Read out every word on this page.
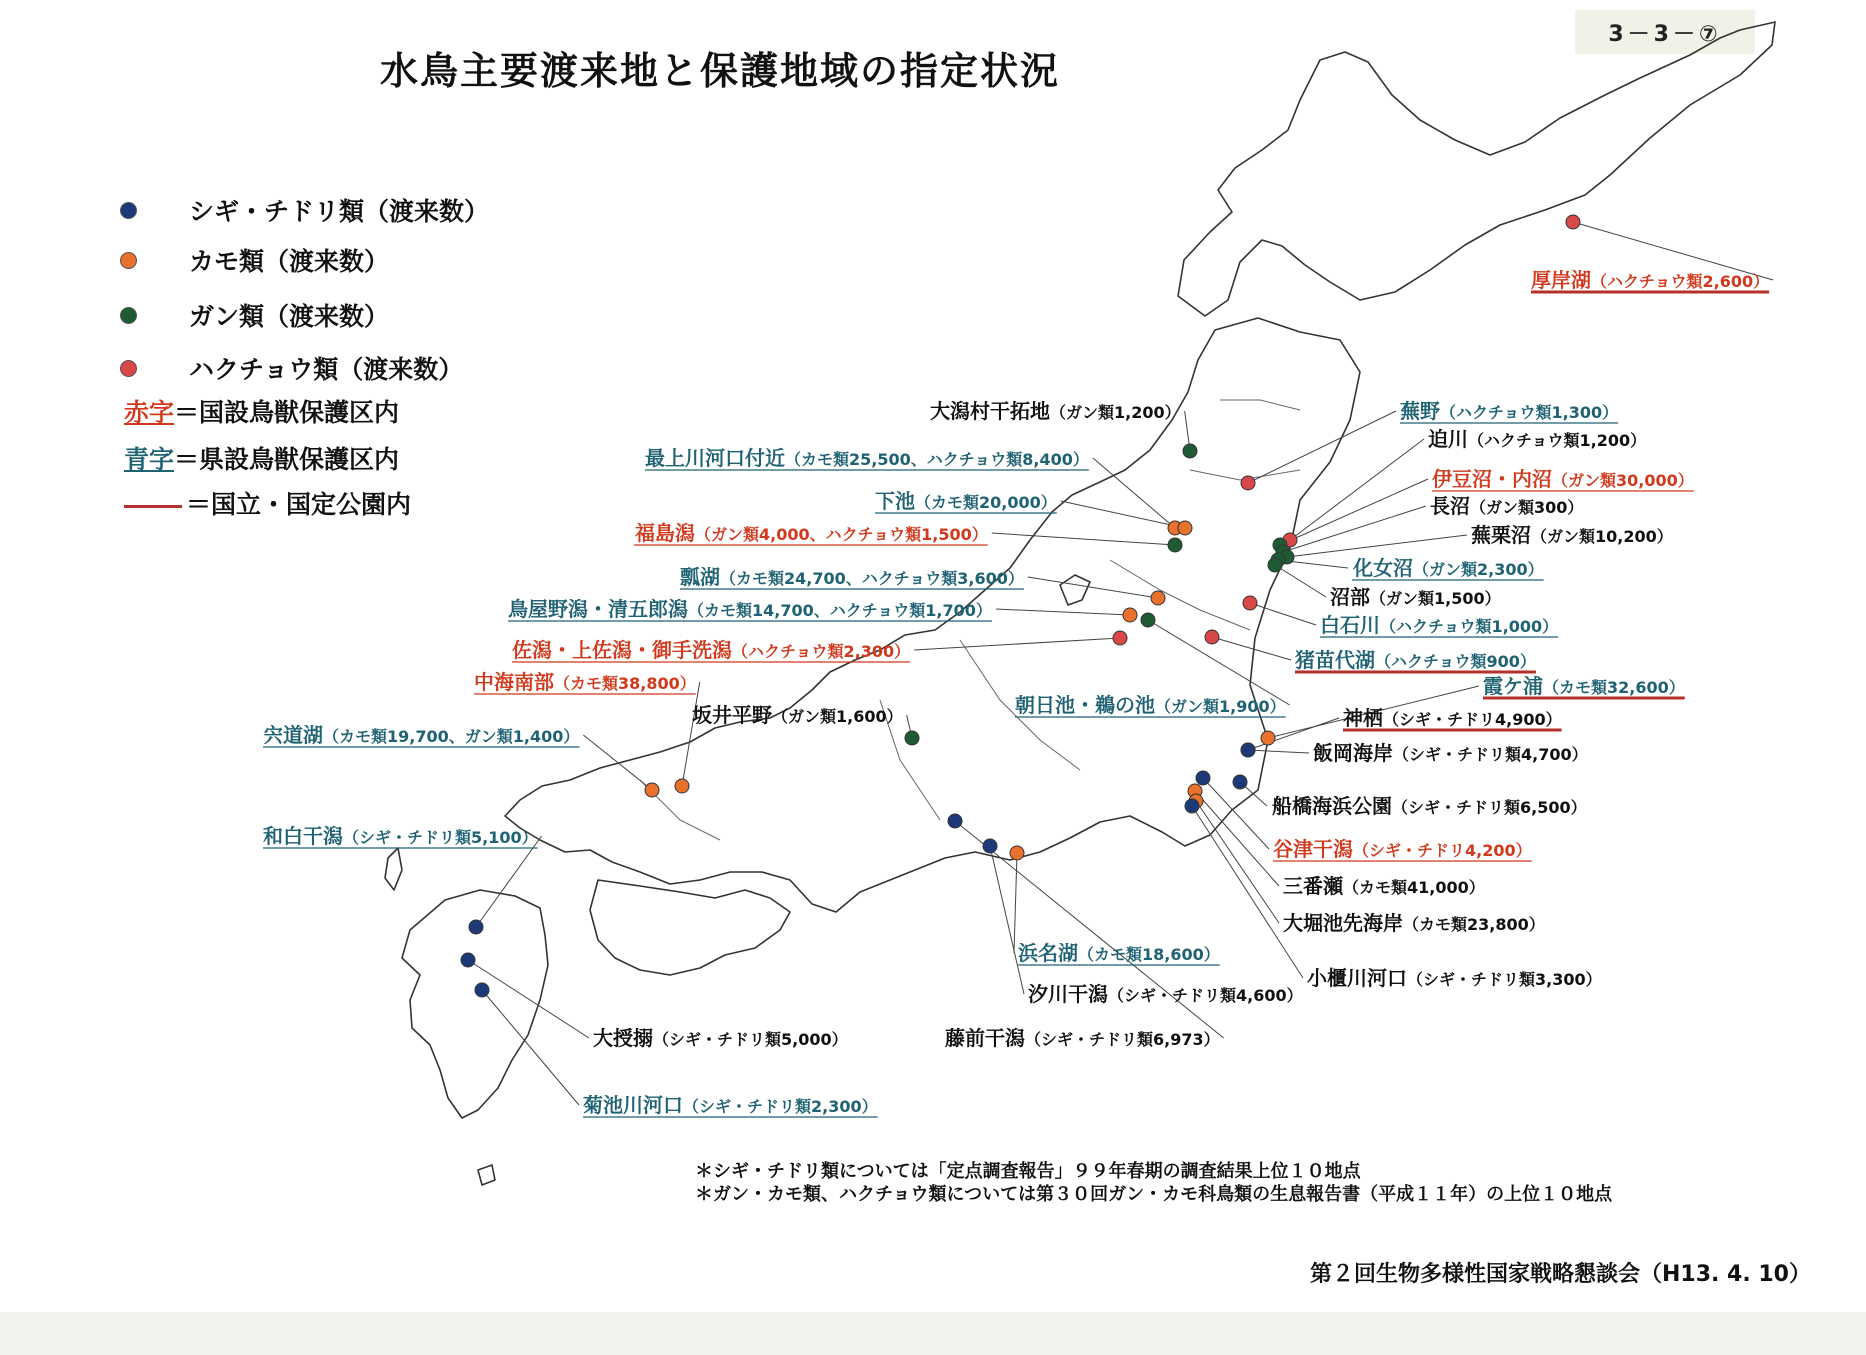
3－3－⑦
水鳥主要渡来地と保護地域の指定状況
シギ・チドリ類（渡来数）
カモ類（渡来数）
ガン類（渡来数）
ハクチョウ類（渡来数）
赤字＝国設鳥獣保護区内
青字＝県設鳥獣保護区内
＝国立・国定公園内
厚岸湖（ハクチョウ類2,600）
大潟村干拓地（ガン類1,200）	蕪野（ハクチョウ類1,300）
迫川（ハクチョウ類1,200）
最上川河口付近（カモ類25,500、ハクチョウ類8,400）
伊豆沼・内沼（ガン類30,000）
下池（カモ類20,000）	長沼（ガン類300）
福島潟（ガン類4,000、ハクチョウ類1,500）	蕪栗沼（ガン類10,200）
化女沼（ガン類2,300）
瓢湖（カモ類24,700、ハクチョウ類3,600）
沼部（ガン類1,500）
鳥屋野潟・清五郎潟（カモ類14,700、ハクチョウ類1,700）
白石川（ハクチョウ類1,000）
佐潟・上佐潟・御手洗潟（ハクチョウ類2,300）	猪苗代湖（ハクチョウ類900）
中海南部（カモ類38,800）	霞ケ浦（カモ類32,600）
朝日池・鵜の池（ガン類1,900）
坂井平野（ガン類1,600）	神栖（シギ・チドリ4,900）
宍道湖（カモ類19,700、ガン類1,400）
飯岡海岸（シギ・チドリ類4,700）
船橋海浜公園（シギ・チドリ類6,500）
和白干潟（シギ・チドリ類5,100）	谷津干潟（シギ・チドリ4,200）
三番瀬（カモ類41,000）
大堀池先海岸（カモ類23,800）
浜名湖（カモ類18,600）
小櫃川河口（シギ・チドリ類3,300）
汐川干潟（シギ・チドリ類4,600）
大授搦（シギ・チドリ類5,000）	藤前干潟（シギ・チドリ類6,973）
菊池川河口（シギ・チドリ類2,300）
＊シギ・チドリ類については「定点調査報告」９９年春期の調査結果上位１０地点
＊ガン・カモ類、ハクチョウ類については第３０回ガン・カモ科鳥類の生息報告書（平成１１年）の上位１０地点
第２回生物多様性国家戦略懇談会（H13. 4. 10）
